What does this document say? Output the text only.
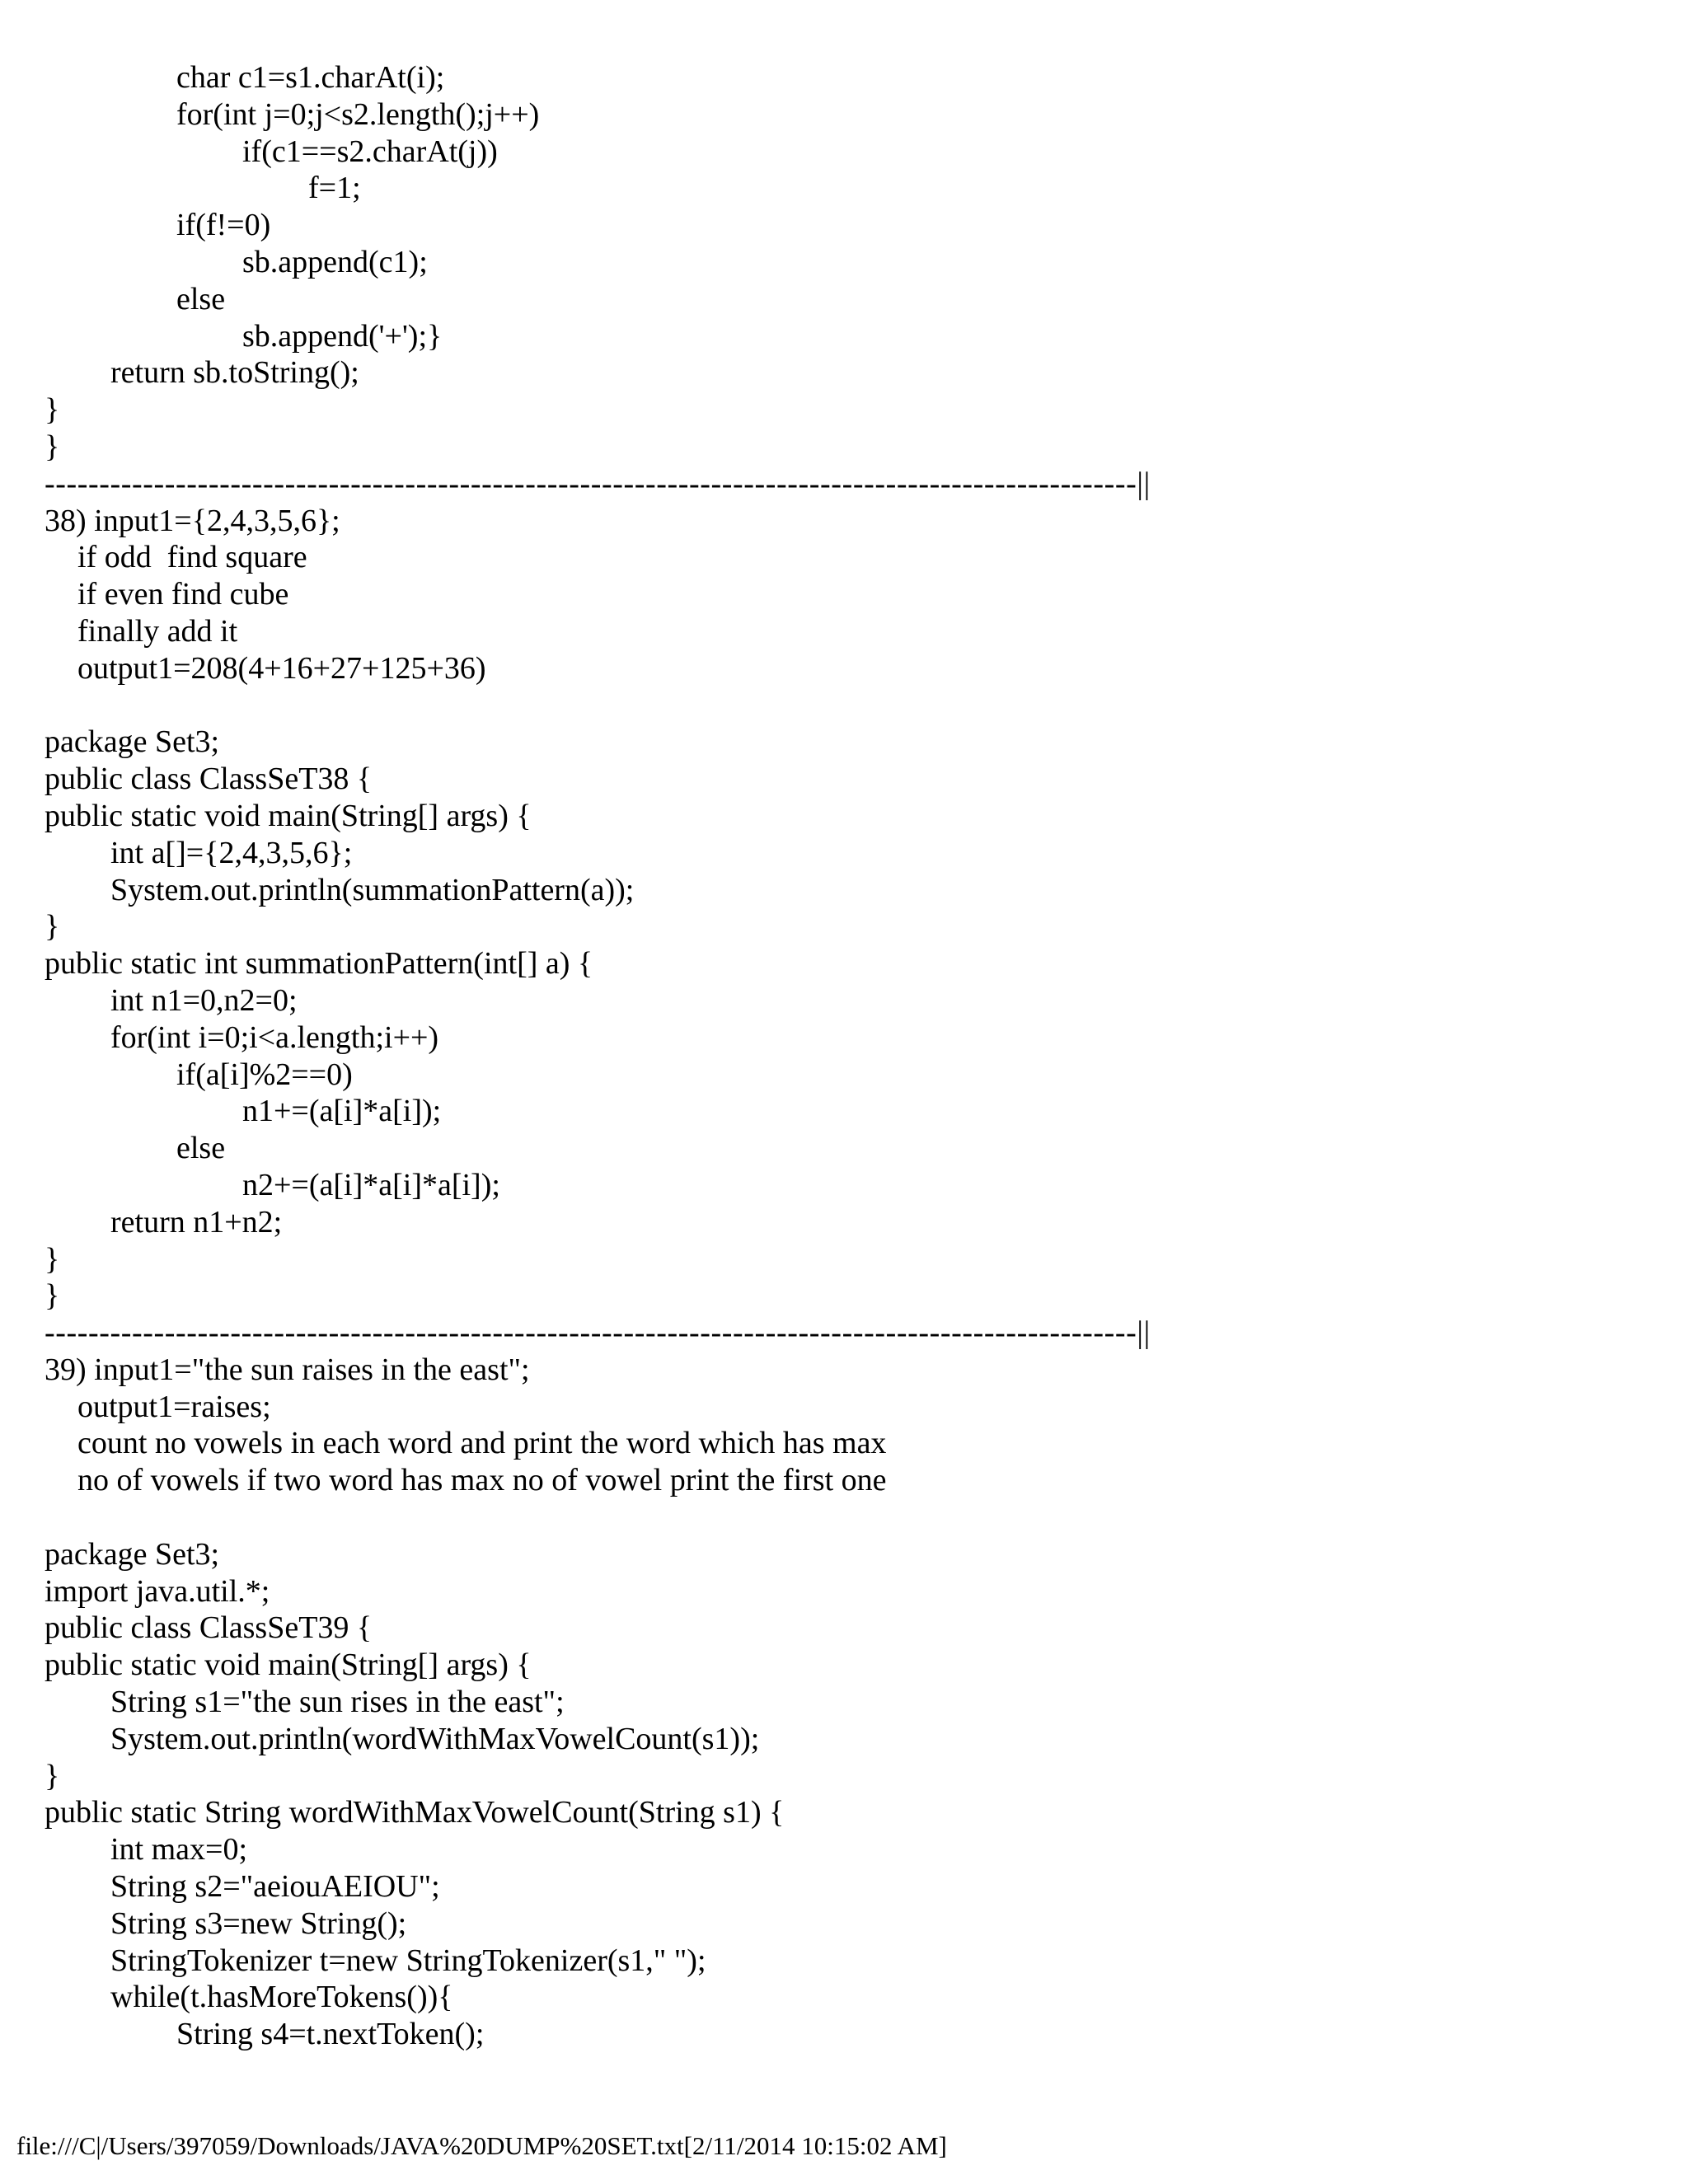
char c1=s1.charAt(i);
for(int j=0;j<s2.length();j++)
if(c1==s2.charAt(j))
f=1;
if(f!=0)
sb.append(c1);
else
sb.append('+');}
return sb.toString();
}
}
----------------------------------------------------------------------------------------------------||
38) input1={2,4,3,5,6};
if odd  find square
if even find cube
finally add it
output1=208(4+16+27+125+36)
package Set3;
public class ClassSeT38 {
public static void main(String[] args) {
int a[]={2,4,3,5,6};
System.out.println(summationPattern(a));
}
public static int summationPattern(int[] a) {
int n1=0,n2=0;
for(int i=0;i<a.length;i++)
if(a[i]%2==0)
n1+=(a[i]*a[i]);
else
n2+=(a[i]*a[i]*a[i]);
return n1+n2;
}
}
----------------------------------------------------------------------------------------------------||
39) input1="the sun raises in the east";
output1=raises;
count no vowels in each word and print the word which has max
no of vowels if two word has max no of vowel print the first one
package Set3;
import java.util.*;
public class ClassSeT39 {
public static void main(String[] args) {
String s1="the sun rises in the east";
System.out.println(wordWithMaxVowelCount(s1));
}
public static String wordWithMaxVowelCount(String s1) {
int max=0;
String s2="aeiouAEIOU";
String s3=new String();
StringTokenizer t=new StringTokenizer(s1," ");
while(t.hasMoreTokens()){
String s4=t.nextToken();
file:///C|/Users/397059/Downloads/JAVA%20DUMP%20SET.txt[2/11/2014 10:15:02 AM]
